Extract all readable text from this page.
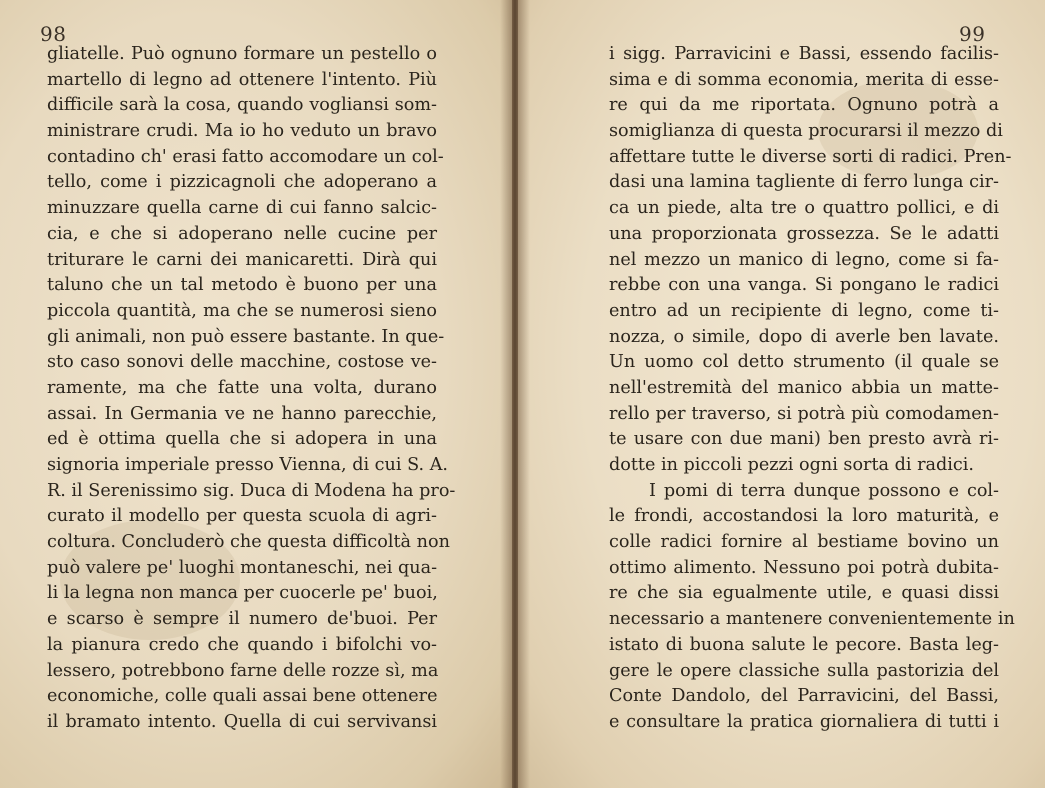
98
gliatelle. Può ognuno formare un pestello o
martello di legno ad ottenere l'intento. Più
difficile sarà la cosa, quando vogliansi som-
ministrare crudi. Ma io ho veduto un bravo
contadino ch' erasi fatto accomodare un col-
tello, come i pizzicagnoli che adoperano a
minuzzare quella carne di cui fanno salcic-
cia, e che si adoperano nelle cucine per
triturare le carni dei manicaretti. Dirà qui
taluno che un tal metodo è buono per una
piccola quantità, ma che se numerosi sieno
gli animali, non può essere bastante. In que-
sto caso sonovi delle macchine, costose ve-
ramente, ma che fatte una volta, durano
assai. In Germania ve ne hanno parecchie,
ed è ottima quella che si adopera in una
signoria imperiale presso Vienna, di cui S. A.
R. il Serenissimo sig. Duca di Modena ha pro-
curato il modello per questa scuola di agri-
coltura. Concluderò che questa difficoltà non
può valere pe' luoghi montaneschi, nei qua-
li la legna non manca per cuocerle pe' buoi,
e scarso è sempre il numero de'buoi. Per
la pianura credo che quando i bifolchi vo-
lessero, potrebbono farne delle rozze sì, ma
economiche, colle quali assai bene ottenere
il bramato intento. Quella di cui servivansi
99
i sigg. Parravicini e Bassi, essendo facilis-
sima e di somma economia, merita di esse-
re qui da me riportata. Ognuno potrà a
somiglianza di questa procurarsi il mezzo di
affettare tutte le diverse sorti di radici. Pren-
dasi una lamina tagliente di ferro lunga cir-
ca un piede, alta tre o quattro pollici, e di
una proporzionata grossezza. Se le adatti
nel mezzo un manico di legno, come si fa-
rebbe con una vanga. Si pongano le radici
entro ad un recipiente di legno, come ti-
nozza, o simile, dopo di averle ben lavate.
Un uomo col detto strumento (il quale se
nell'estremità del manico abbia un matte-
rello per traverso, si potrà più comodamen-
te usare con due mani) ben presto avrà ri-
dotte in piccoli pezzi ogni sorta di radici.
I pomi di terra dunque possono e col-
le frondi, accostandosi la loro maturità, e
colle radici fornire al bestiame bovino un
ottimo alimento. Nessuno poi potrà dubita-
re che sia egualmente utile, e quasi dissi
necessario a mantenere convenientemente in
istato di buona salute le pecore. Basta leg-
gere le opere classiche sulla pastorizia del
Conte Dandolo, del Parravicini, del Bassi,
e consultare la pratica giornaliera di tutti i
